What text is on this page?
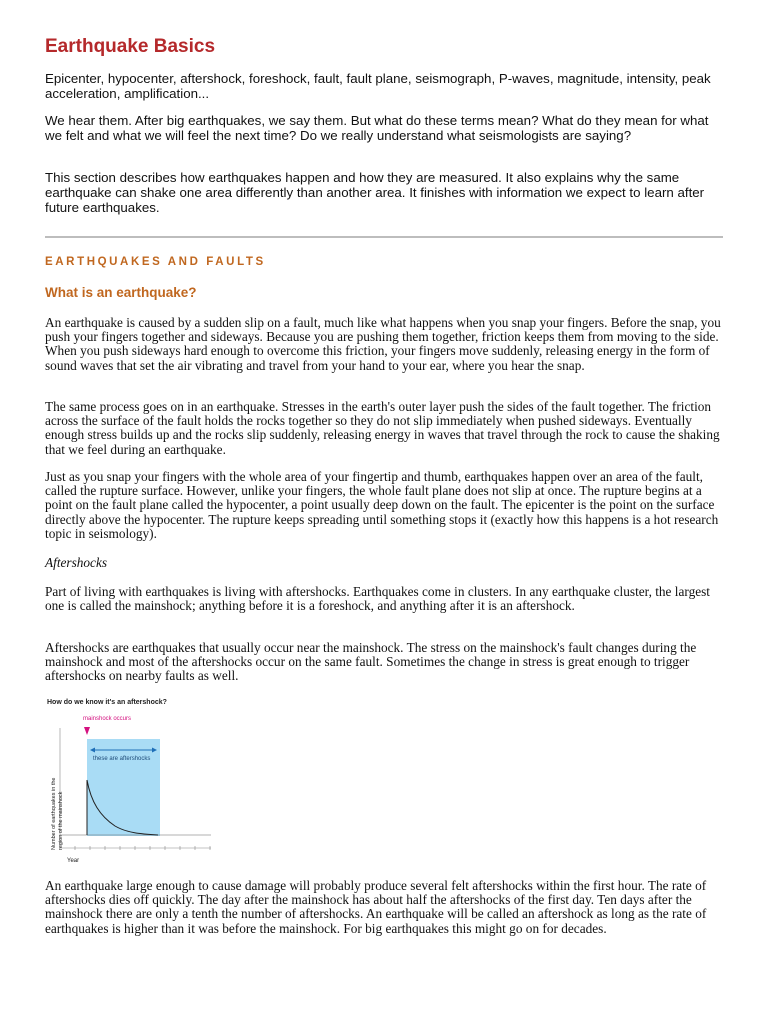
Earthquake Basics

Epicenter, hypocenter, aftershock, foreshock, fault, fault plane, seismograph, P-waves, magnitude, intensity, peak acceleration, amplification...

We hear them. After big earthquakes, we say them. But what do these terms mean? What do they mean for what we felt and what we will feel the next time? Do we really understand what seismologists are saying?

This section describes how earthquakes happen and how they are measured. It also explains why the same earthquake can shake one area differently than another area. It finishes with information we expect to learn after future earthquakes.

EARTHQUAKES AND FAULTS
What is an earthquake?

An earthquake is caused by a sudden slip on a fault, much like what happens when you snap your fingers. Before the snap, you push your fingers together and sideways. Because you are pushing them together, friction keeps them from moving to the side. When you push sideways hard enough to overcome this friction, your fingers move suddenly, releasing energy in the form of sound waves that set the air vibrating and travel from your hand to your ear, where you hear the snap.

The same process goes on in an earthquake. Stresses in the earth's outer layer push the sides of the fault together. The friction across the surface of the fault holds the rocks together so they do not slip immediately when pushed sideways. Eventually enough stress builds up and the rocks slip suddenly, releasing energy in waves that travel through the rock to cause the shaking that we feel during an earthquake.

Just as you snap your fingers with the whole area of your fingertip and thumb, earthquakes happen over an area of the fault, called the rupture surface. However, unlike your fingers, the whole fault plane does not slip at once. The rupture begins at a point on the fault plane called the hypocenter, a point usually deep down on the fault. The epicenter is the point on the surface directly above the hypocenter. The rupture keeps spreading until something stops it (exactly how this happens is a hot research topic in seismology).

Aftershocks

Part of living with earthquakes is living with aftershocks. Earthquakes come in clusters. In any earthquake cluster, the largest one is called the mainshock; anything before it is a foreshock, and anything after it is an aftershock.

Aftershocks are earthquakes that usually occur near the mainshock. The stress on the mainshock's fault changes during the mainshock and most of the aftershocks occur on the same fault. Sometimes the change in stress is great enough to trigger aftershocks on nearby faults as well.

How do we know it's an aftershock?
mainshock occurs
these are aftershocks
Number of earthquakes in the region of the mainshock
Year

An earthquake large enough to cause damage will probably produce several felt aftershocks within the first hour. The rate of aftershocks dies off quickly. The day after the mainshock has about half the aftershocks of the first day. Ten days after the mainshock there are only a tenth the number of aftershocks. An earthquake will be called an aftershock as long as the rate of earthquakes is higher than it was before the mainshock. For big earthquakes this might go on for decades.
